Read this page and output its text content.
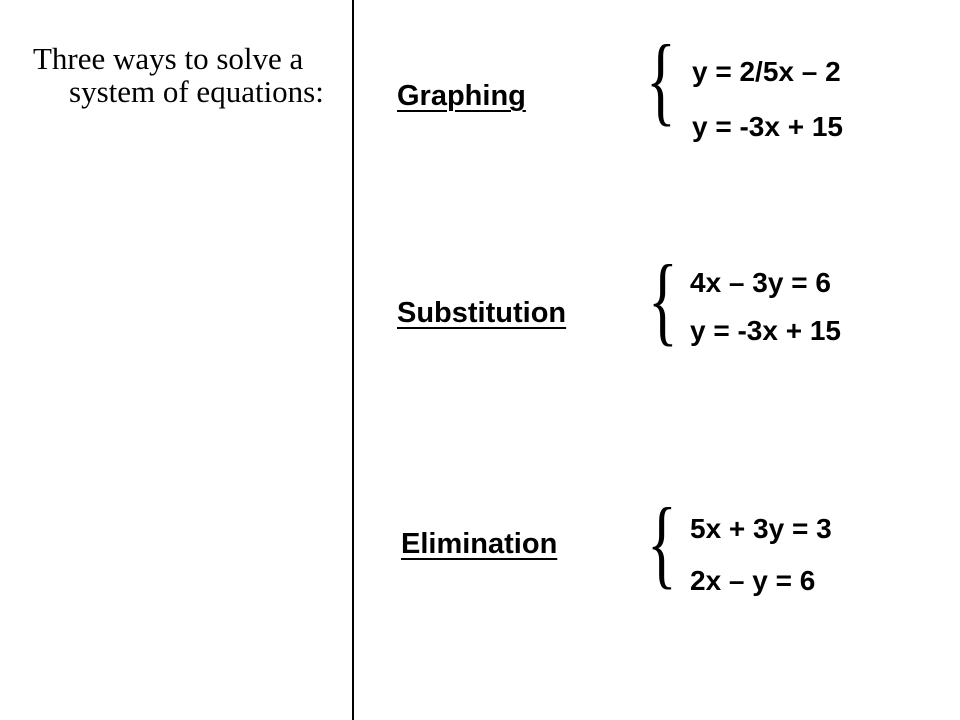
Three ways to solve a system of equations:	Graphing { y = 2/5x – 2
y = -3x + 15
Substitution { 4x – 3y = 6
y = -3x + 15
Elimination { 5x + 3y = 3
2x – y = 6
